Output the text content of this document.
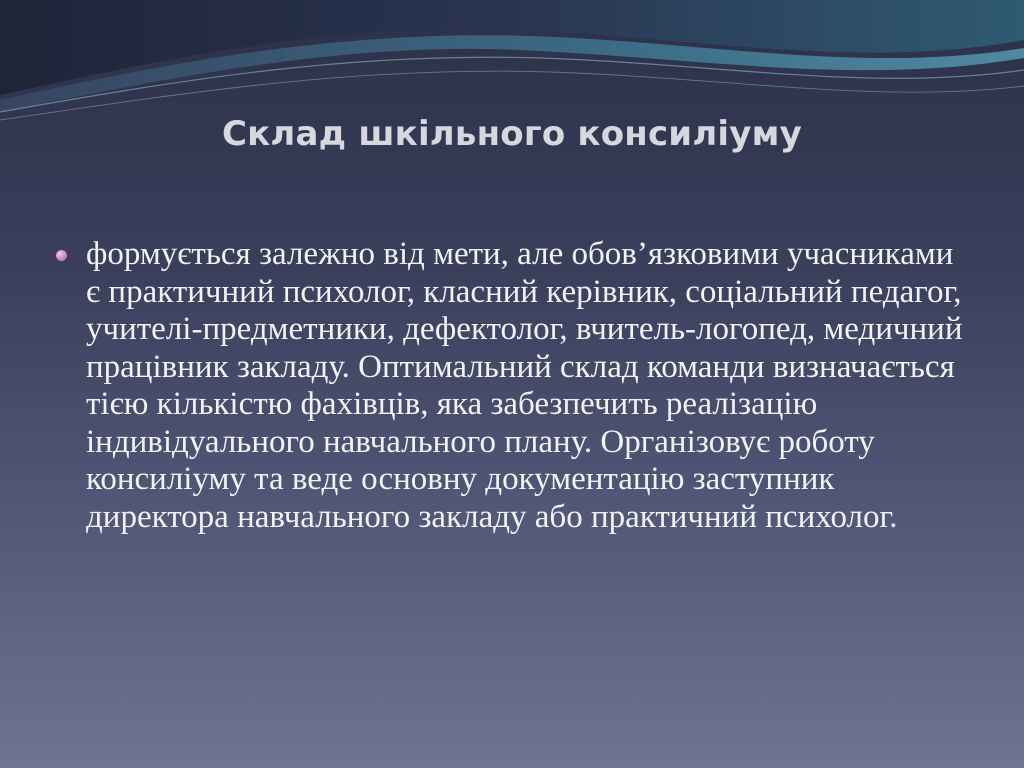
Склад шкільного консиліуму

формується залежно від мети, але обов’язковими учасниками є практичний психолог, класний керівник, соціальний педагог, учителі-предметники, дефектолог, вчитель-логопед, медичний працівник закладу. Оптимальний склад команди визначається тією кількістю фахівців, яка забезпечить реалізацію індивідуального навчального плану. Організовує роботу консиліуму та веде основну документацію заступник директора навчального закладу або практичний психолог.
